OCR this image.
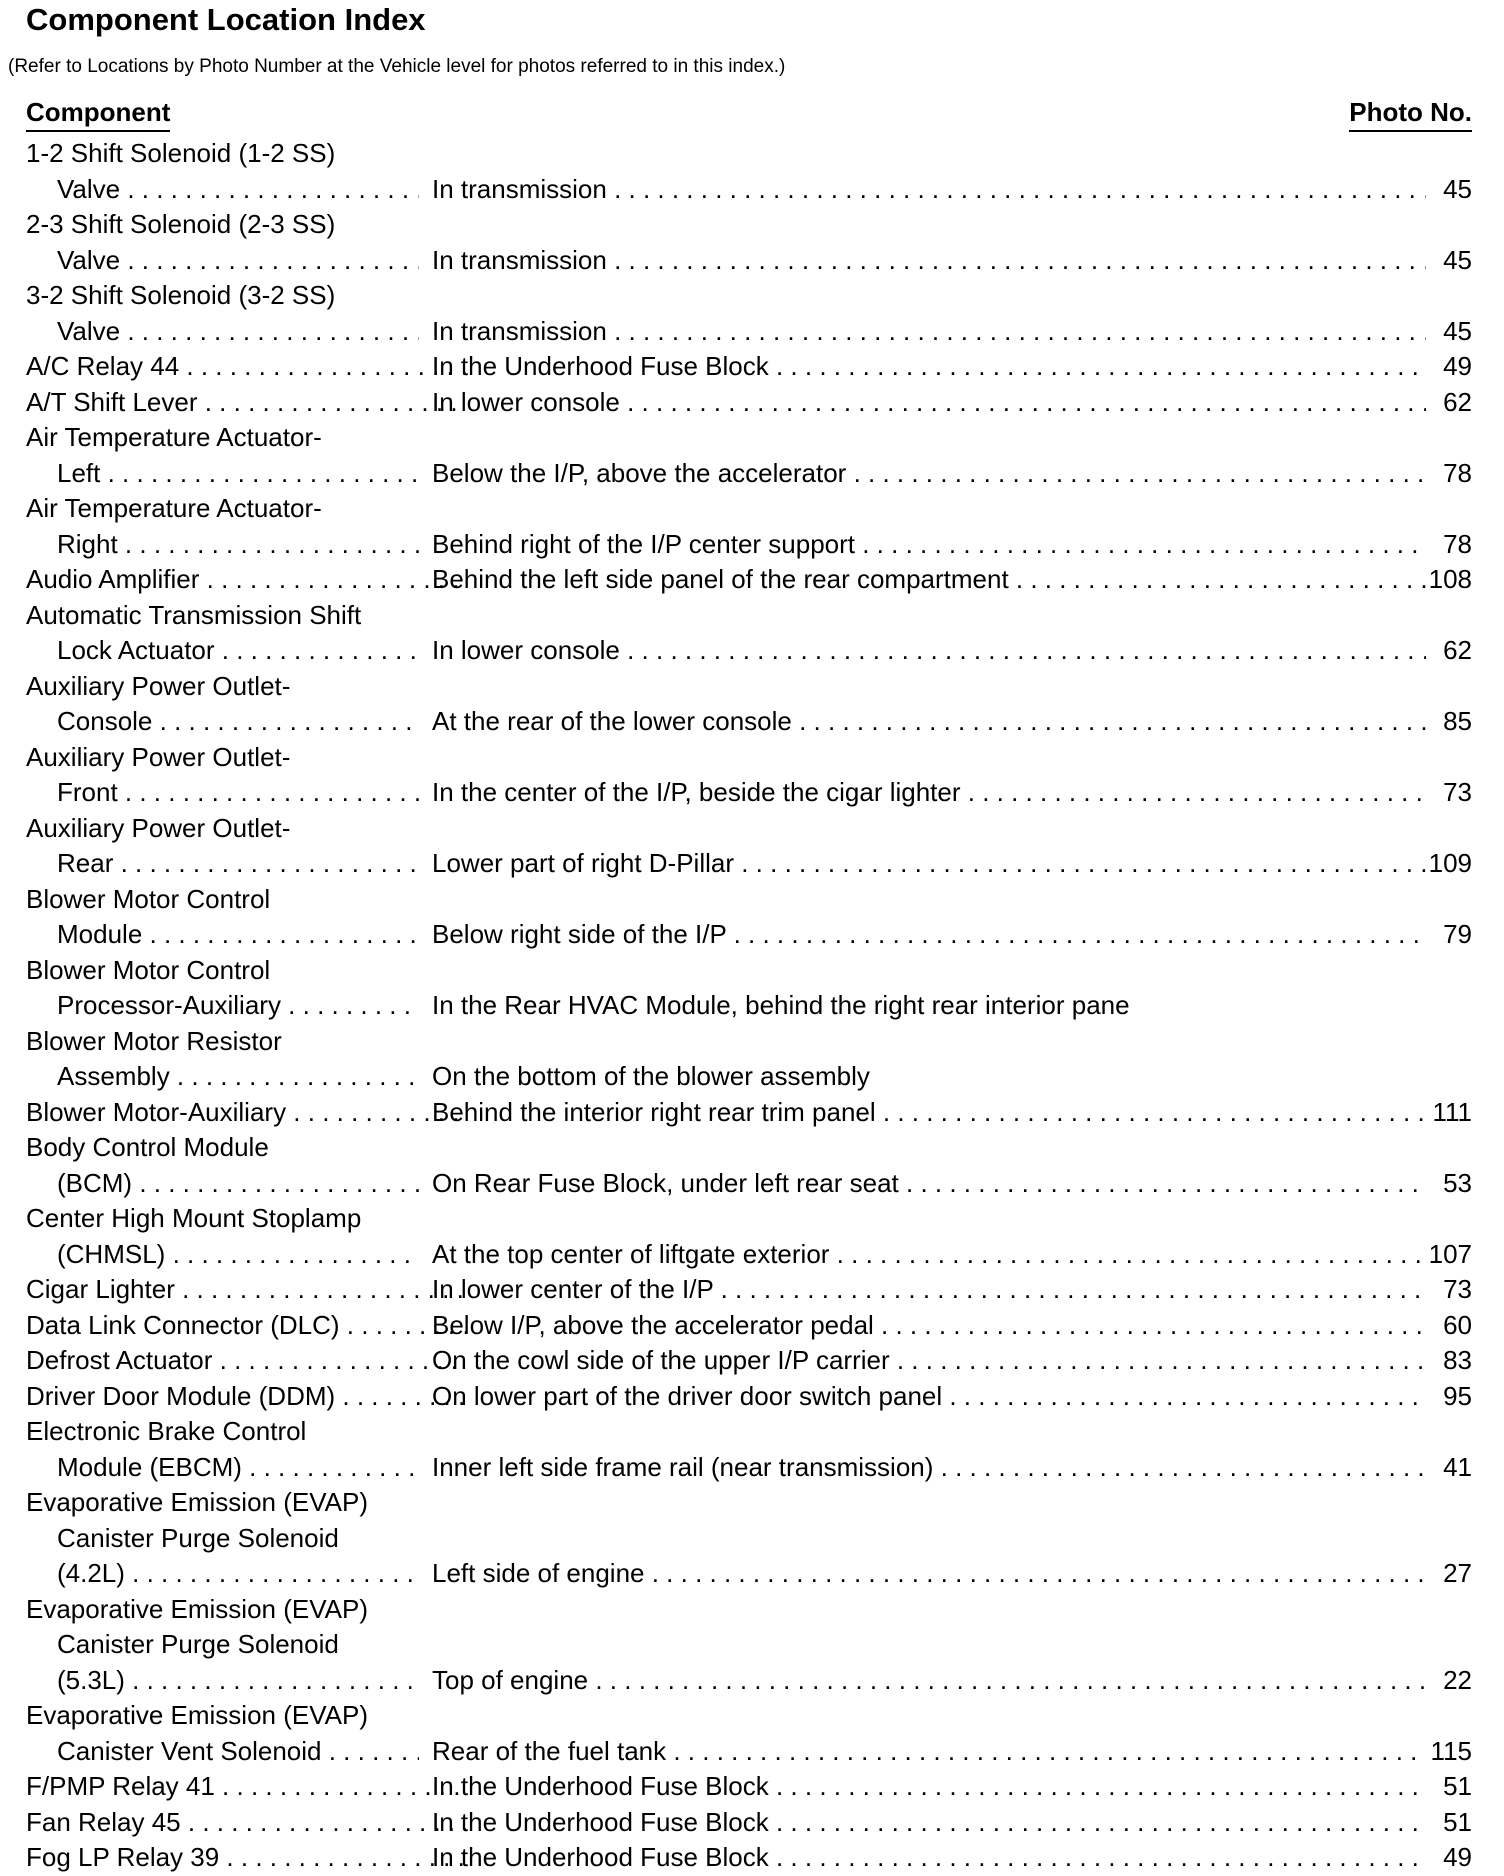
Component Location Index
(Refer to Locations by Photo Number at the Vehicle level for photos referred to in this index.)
Component	Photo No.
1-2 Shift Solenoid (1-2 SS)
Valve . . .	In transmission . . .	45
2-3 Shift Solenoid (2-3 SS)
Valve . . .	In transmission . . .	45
3-2 Shift Solenoid (3-2 SS)
Valve . . .	In transmission . . .	45
A/C Relay 44 . . .	In the Underhood Fuse Block . . .	49
A/T Shift Lever . . .	In lower console . . .	62
Air Temperature Actuator-
Left . . .	Below the I/P, above the accelerator . . .	78
Air Temperature Actuator-
Right . . .	Behind right of the I/P center support . . .	78
Audio Amplifier . . .	Behind the left side panel of the rear compartment . . .	108
Automatic Transmission Shift
Lock Actuator . . .	In lower console . . .	62
Auxiliary Power Outlet-
Console . . .	At the rear of the lower console . . .	85
Auxiliary Power Outlet-
Front . . .	In the center of the I/P, beside the cigar lighter . . .	73
Auxiliary Power Outlet-
Rear . . .	Lower part of right D-Pillar . . .	109
Blower Motor Control
Module . . .	Below right side of the I/P . . .	79
Blower Motor Control
Processor-Auxiliary . . .	In the Rear HVAC Module, behind the right rear interior pane
Blower Motor Resistor
Assembly . . .	On the bottom of the blower assembly
Blower Motor-Auxiliary . . .	Behind the interior right rear trim panel . . .	111
Body Control Module
(BCM) . . .	On Rear Fuse Block, under left rear seat . . .	53
Center High Mount Stoplamp
(CHMSL) . . .	At the top center of liftgate exterior . . .	107
Cigar Lighter . . .	In lower center of the I/P . . .	73
Data Link Connector (DLC) . . .	Below I/P, above the accelerator pedal . . .	60
Defrost Actuator . . .	On the cowl side of the upper I/P carrier . . .	83
Driver Door Module (DDM) . . .	On lower part of the driver door switch panel . . .	95
Electronic Brake Control
Module (EBCM) . . .	Inner left side frame rail (near transmission) . . .	41
Evaporative Emission (EVAP)
Canister Purge Solenoid
(4.2L) . . .	Left side of engine . . .	27
Evaporative Emission (EVAP)
Canister Purge Solenoid
(5.3L) . . .	Top of engine . . .	22
Evaporative Emission (EVAP)
Canister Vent Solenoid . . .	Rear of the fuel tank . . .	115
F/PMP Relay 41 . . .	In the Underhood Fuse Block . . .	51
Fan Relay 45 . . .	In the Underhood Fuse Block . . .	51
Fog LP Relay 39 . . .	In the Underhood Fuse Block . . .	49
